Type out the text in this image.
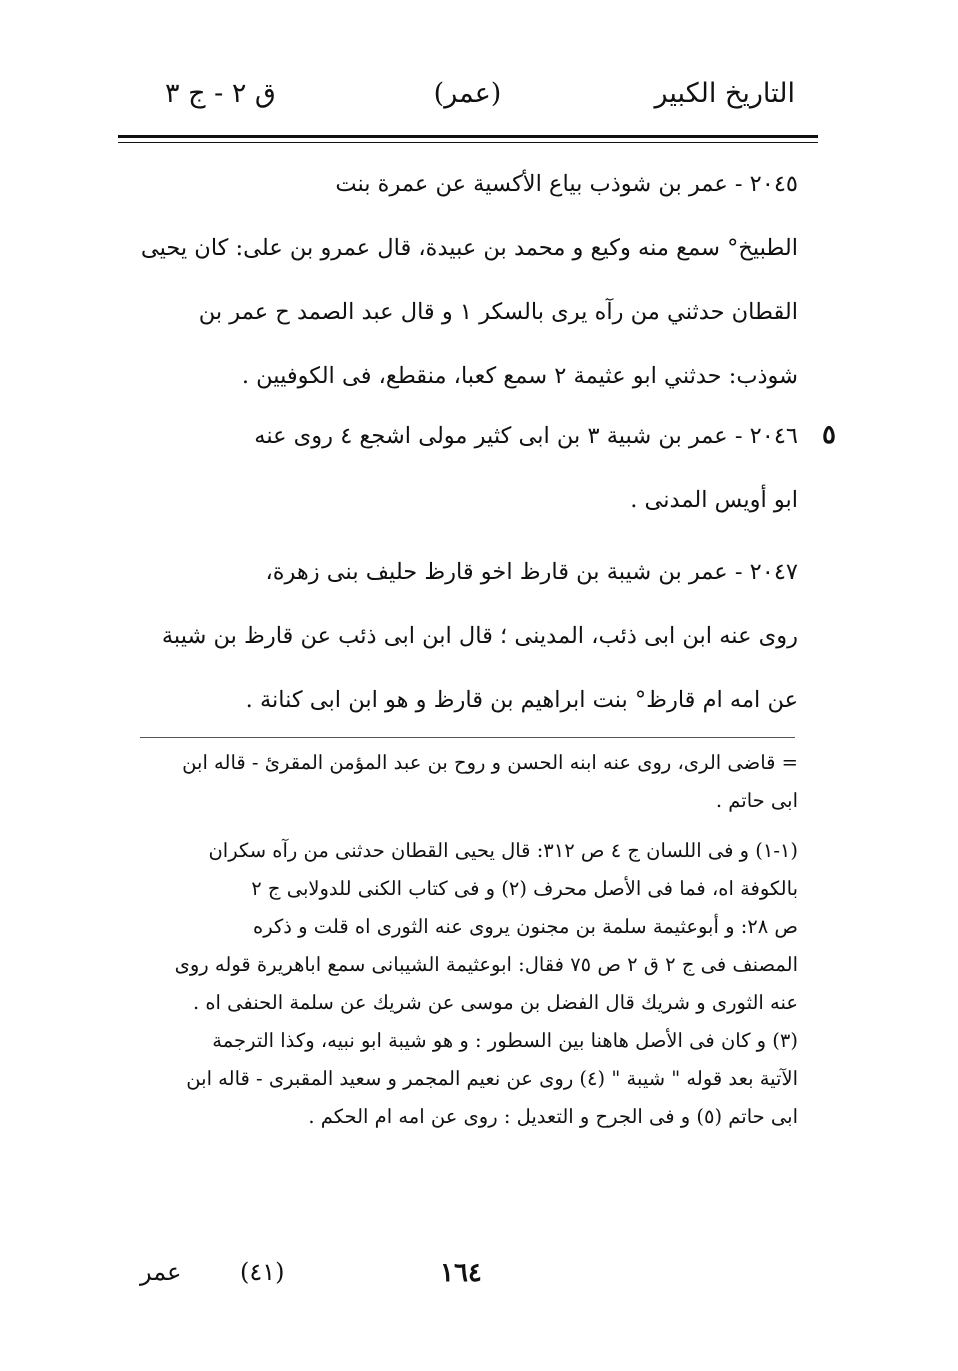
التاريخ الكبير
(عمر)
ق ٢ - ج ٣
٥
٢٠٤٥ - عمر بن شوذب بياع الأكسية عن عمرة بنت
الطبيخ° سمع منه وكيع و محمد بن عبيدة، قال عمرو بن على: كان يحيى
القطان حدثني من رآه يرى بالسكر ١ و قال عبد الصمد ح عمر بن
شوذب: حدثني ابو عثيمة ٢ سمع كعبا، منقطع، فى الكوفيين .
٢٠٤٦ - عمر بن شبية ٣ بن ابى كثير مولى اشجع ٤ روى عنه
ابو أويس المدنى .
٢٠٤٧ - عمر بن شيبة بن قارظ اخو قارظ حليف بنى زهرة،
روى عنه ابن ابى ذئب، المدينى ؛ قال ابن ابى ذئب عن قارظ بن شيبة
عن امه ام قارظ° بنت ابراهيم بن قارظ و هو ابن ابى كنانة .
= قاضى الرى، روى عنه ابنه الحسن و روح بن عبد المؤمن المقرئ - قاله ابن
ابى حاتم .
(١-١) و فى اللسان ج ٤ ص ٣١٢: قال يحيى القطان حدثنى من رآه سكران
بالكوفة اه، فما فى الأصل محرف (٢) و فى كتاب الكنى للدولابى ج ٢
ص ٢٨: و أبوعثيمة سلمة بن مجنون يروى عنه الثورى اه قلت و ذكره
المصنف فى ج ٢ ق ٢ ص ٧٥ فقال: ابوعثيمة الشيبانى سمع اباهريرة قوله روى
عنه الثورى و شريك قال الفضل بن موسى عن شريك عن سلمة الحنفى اه .
(٣) و كان فى الأصل هاهنا بين السطور : و هو شيبة ابو نبيه، وكذا الترجمة
الآتية بعد قوله " شيبة " (٤) روى عن نعيم المجمر و سعيد المقبرى - قاله ابن
ابى حاتم (٥) و فى الجرح و التعديل : روى عن امه ام الحكم .
عمر (٤١)	١٦٤
